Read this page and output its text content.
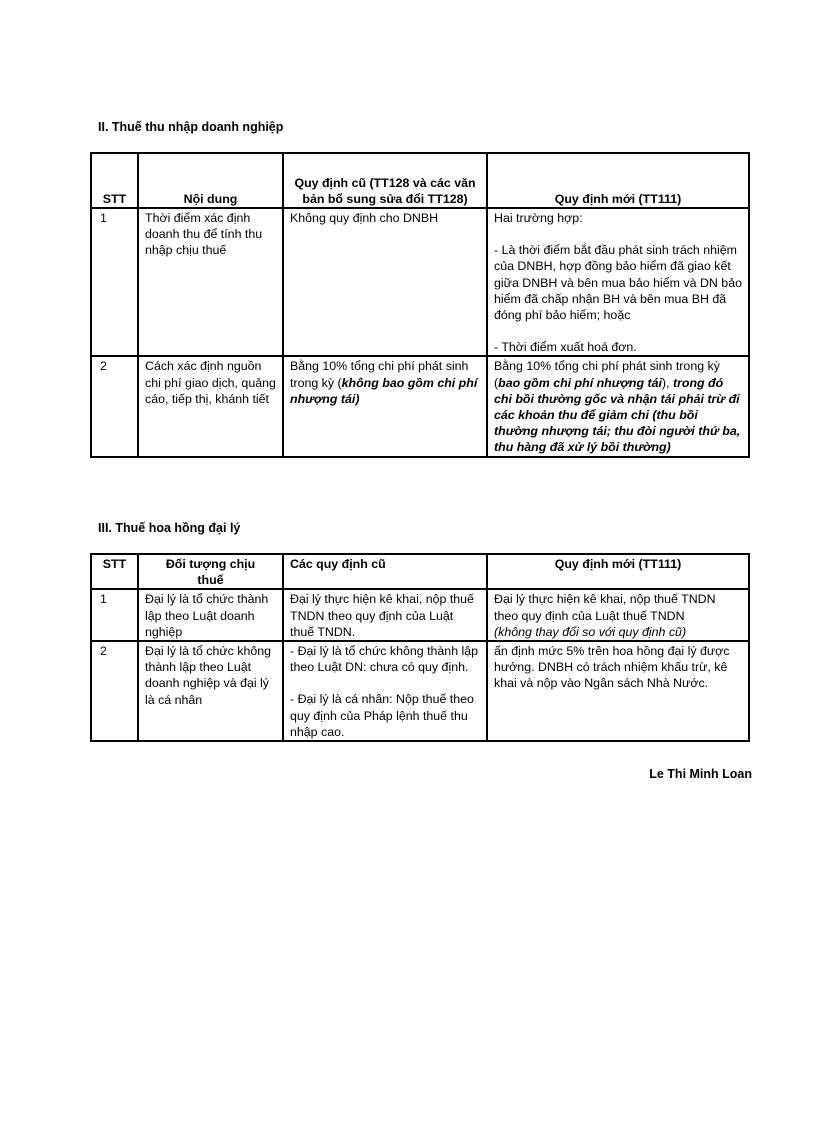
II. Thuế thu nhập doanh nghiệp
STT	Nội dung	Quy định cũ (TT128 và các văn bản bổ sung sửa đổi TT128)	Quy định mới (TT111)
1	Thời điểm xác định doanh thu để tính thu nhập chịu thuế	Không quy định cho DNBH	Hai trường hợp:
- Là thời điểm bắt đầu phát sinh trách nhiệm của DNBH, hợp đồng bảo hiểm đã giao kết giữa DNBH và bên mua bảo hiểm và DN bảo hiểm đã chấp nhận BH và bên mua BH đã đóng phí bảo hiểm; hoặc
- Thời điểm xuất hoá đơn.

2	Cách xác định nguồn chi phí giao dịch, quảng cáo, tiếp thị, khánh tiết	Bằng 10% tổng chi phí phát sinh trong kỳ (không bao gồm chi phí nhượng tái)	Bằng 10% tổng chi phí phát sinh trong kỳ (bao gồm chi phí nhượng tái), trong đó chi bồi thường gốc và nhận tái phải trừ đi các khoản thu để giảm chi (thu bồi thường nhượng tái; thu đòi người thứ ba, thu hàng đã xử lý bồi thường)
III. Thuế hoa hồng đại lý
STT	Đối tượng chịu thuế	Các quy định cũ	Quy định mới (TT111)
1	Đại lý là tổ chức thành lập theo Luật doanh nghiệp	Đại lý thực hiện kê khai, nộp thuế TNDN theo quy định của Luật thuế TNDN.	Đại lý thực hiện kê khai, nộp thuế TNDN theo quy định của Luật thuế TNDN
(không thay đổi so với quy định cũ)

2	Đại lý là tổ chức không thành lập theo Luật doanh nghiệp và đại lý là cá nhân	- Đại lý là tổ chức không thành lập theo Luật DN: chưa có quy định.
- Đại lý là cá nhân: Nộp thuế theo quy định của Pháp lệnh thuế thu nhập cao.	ấn định mức 5% trên hoa hồng đại lý được hưởng. DNBH có trách nhiệm khấu trừ, kê khai và nộp vào Ngân sách Nhà Nước.
Le Thi Minh Loan
